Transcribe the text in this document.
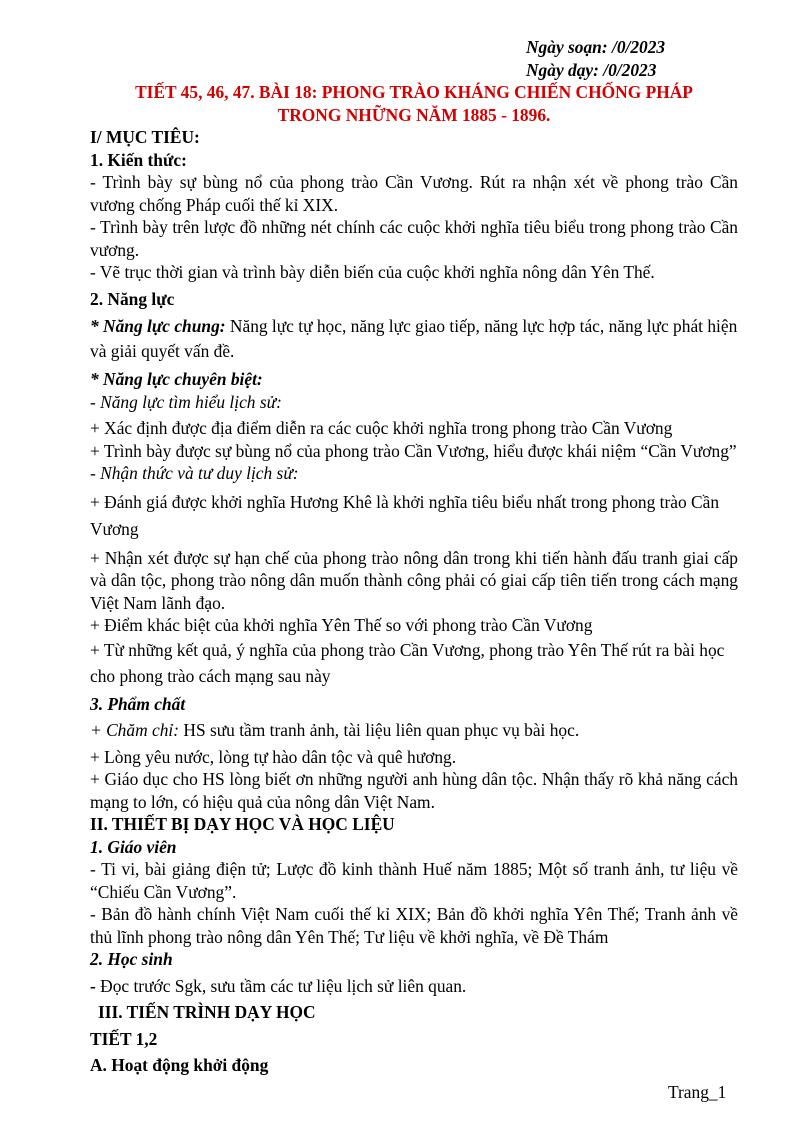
Ngày soạn: /0/2023

Ngày dạy: /0/2023

TIẾT 45, 46, 47. BÀI 18: PHONG TRÀO KHÁNG CHIẾN CHỐNG PHÁP

TRONG NHỮNG NĂM 1885 - 1896.

I/ MỤC TIÊU:

1. Kiến thức:

- Trình bày sự bùng nổ của phong trào Cần Vương. Rút ra nhận xét về phong trào Cần vương chống Pháp cuối thế kỉ XIX.

- Trình bày trên lược đồ những nét chính các cuộc khởi nghĩa tiêu biểu trong phong trào Cần vương.

- Vẽ trục thời gian và trình bày diễn biến của cuộc khởi nghĩa nông dân Yên Thế.

2. Năng lực

* Năng lực chung: Năng lực tự học, năng lực giao tiếp, năng lực hợp tác, năng lực phát hiện và giải quyết vấn đề.

* Năng lực chuyên biệt:

- Năng lực tìm hiểu lịch sử:

+ Xác định được địa điểm diễn ra các cuộc khởi nghĩa trong phong trào Cần Vương

+ Trình bày được sự bùng nổ của phong trào Cần Vương, hiểu được khái niệm “Cần Vương”

- Nhận thức và tư duy lịch sử:

+ Đánh giá được khởi nghĩa Hương Khê là khởi nghĩa tiêu biểu nhất trong phong trào Cần Vương

+ Nhận xét được sự hạn chế của phong trào nông dân trong khi tiến hành đấu tranh giai cấp và dân tộc, phong trào nông dân muốn thành công phải có giai cấp tiên tiến trong cách mạng Việt Nam lãnh đạo.

+ Điểm khác biệt của khởi nghĩa Yên Thế so với phong trào Cần Vương

+ Từ những kết quả, ý nghĩa của phong trào Cần Vương, phong trào Yên Thế rút ra bài học cho phong trào cách mạng sau này

3. Phẩm chất

+ Chăm chỉ: HS sưu tầm tranh ảnh, tài liệu liên quan phục vụ bài học.

+ Lòng yêu nước, lòng tự hào dân tộc và quê hương.

+ Giáo dục cho HS lòng biết ơn những người anh hùng dân tộc. Nhận thấy rõ khả năng cách mạng to lớn, có hiệu quả của nông dân Việt Nam.

II. THIẾT BỊ DẠY HỌC VÀ HỌC LIỆU

1. Giáo viên

- Ti vi, bài giảng điện tử; Lược đồ kinh thành Huế năm 1885; Một số tranh ảnh, tư liệu về “Chiếu Cần Vương”.

- Bản đồ hành chính Việt Nam cuối thế kỉ XIX; Bản đồ khởi nghĩa Yên Thế; Tranh ảnh về thủ lĩnh phong trào nông dân Yên Thế; Tư liệu về khởi nghĩa, về Đề Thám

2. Học sinh

- Đọc trước Sgk, sưu tầm các tư liệu lịch sử liên quan.

III. TIẾN TRÌNH DẠY HỌC

TIẾT 1,2

A. Hoạt động khởi động

Trang_1
